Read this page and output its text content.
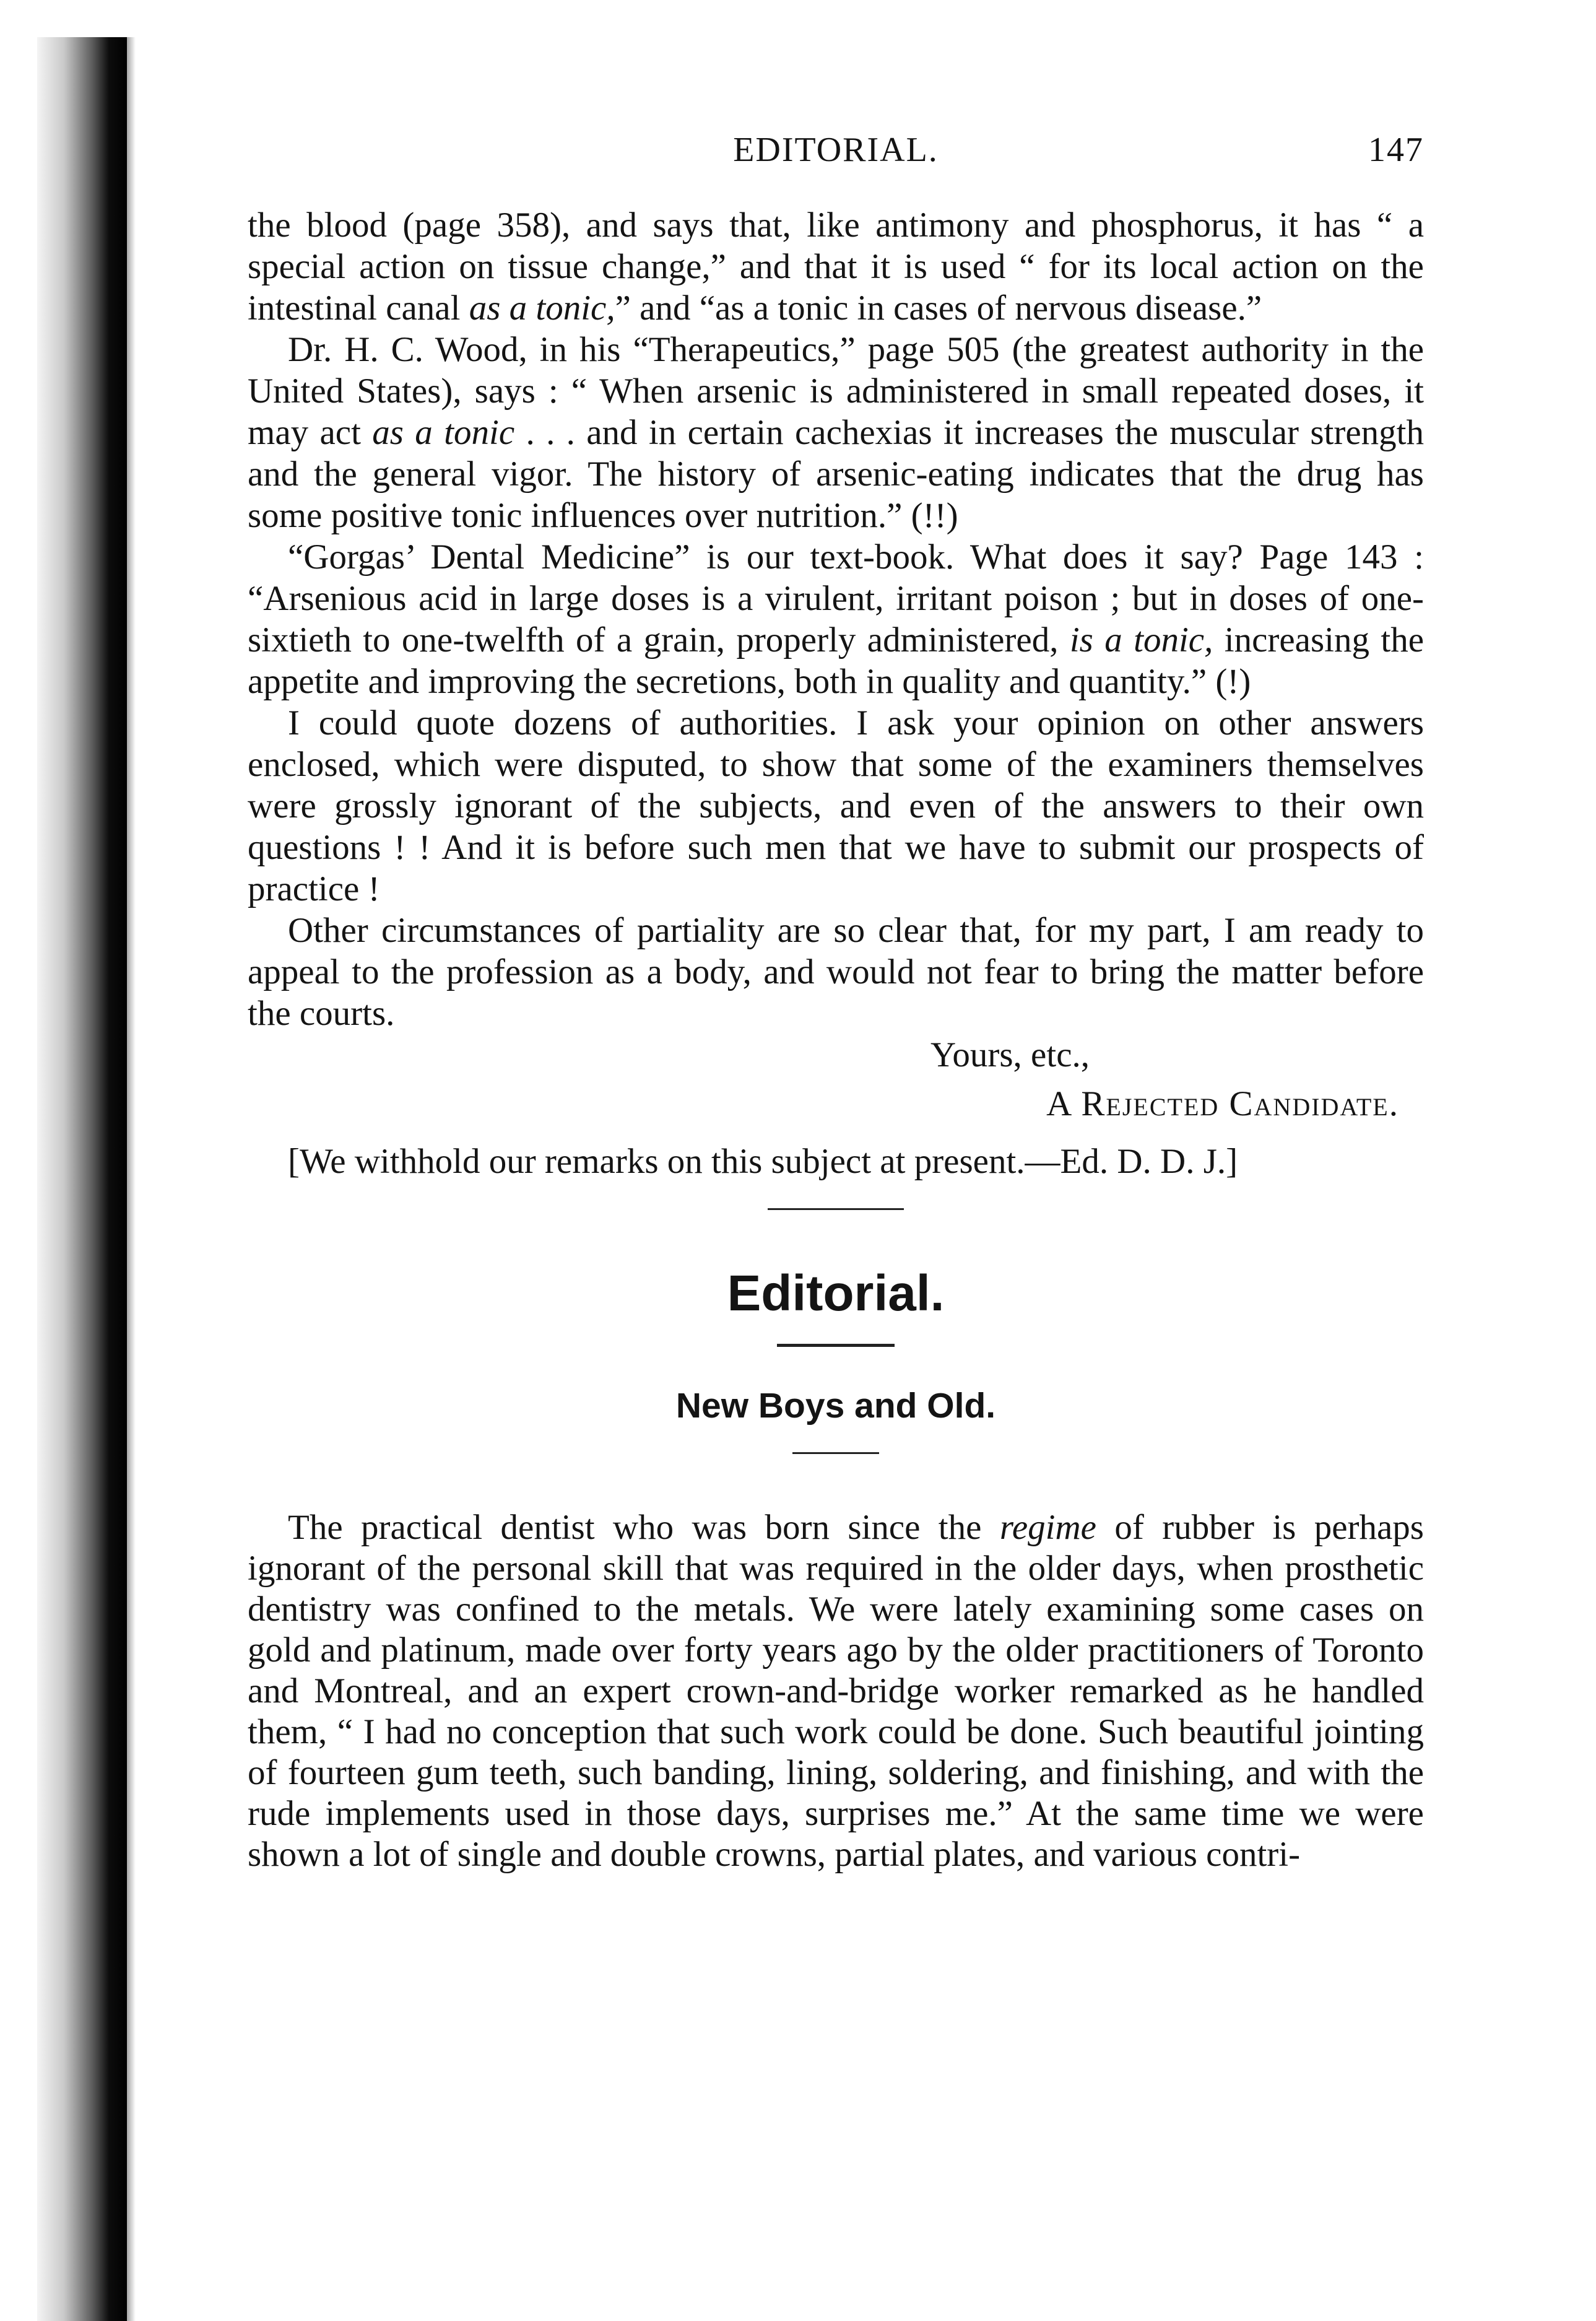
EDITORIAL.	147

the blood (page 358), and says that, like antimony and phosphorus, it has “ a special action on tissue change,” and that it is used “ for its local action on the intestinal canal as a tonic,” and “as a tonic in cases of nervous disease.”

Dr. H. C. Wood, in his “Therapeutics,” page 505 (the greatest authority in the United States), says : “ When arsenic is administered in small repeated doses, it may act as a tonic . . . and in certain cachexias it increases the muscular strength and the general vigor. The history of arsenic-eating indicates that the drug has some positive tonic influences over nutrition.” (!!)

“Gorgas’ Dental Medicine” is our text-book. What does it say? Page 143 : “Arsenious acid in large doses is a virulent, irritant poison ; but in doses of one-sixtieth to one-twelfth of a grain, properly administered, is a tonic, increasing the appetite and improving the secretions, both in quality and quantity.” (!)

I could quote dozens of authorities. I ask your opinion on other answers enclosed, which were disputed, to show that some of the examiners themselves were grossly ignorant of the subjects, and even of the answers to their own questions ! ! And it is before such men that we have to submit our prospects of practice !

Other circumstances of partiality are so clear that, for my part, I am ready to appeal to the profession as a body, and would not fear to bring the matter before the courts.

Yours, etc.,
A Rejected Candidate.
[We withhold our remarks on this subject at present.—Ed. D. D. J.]
Editorial.
New Boys and Old.

The practical dentist who was born since the regime of rubber is perhaps ignorant of the personal skill that was required in the older days, when prosthetic dentistry was confined to the metals. We were lately examining some cases on gold and platinum, made over forty years ago by the older practitioners of Toronto and Montreal, and an expert crown-and-bridge worker remarked as he handled them, “ I had no conception that such work could be done. Such beautiful jointing of fourteen gum teeth, such banding, lining, soldering, and finishing, and with the rude implements used in those days, surprises me.” At the same time we were shown a lot of single and double crowns, partial plates, and various contri-
